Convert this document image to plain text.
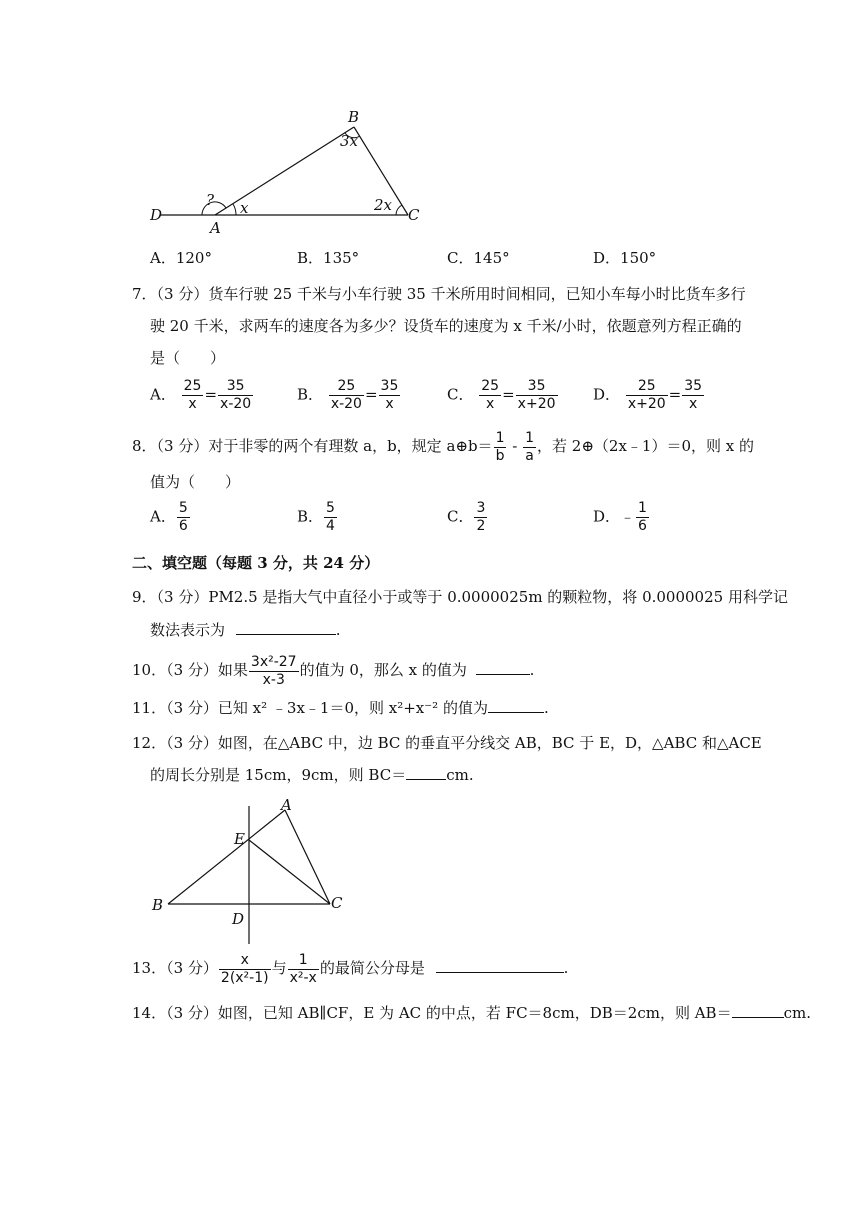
B
3x
? x	2x
D
A
C
A．120°	B．135°	C．145°	D．150°
7．（3 分）货车行驶 25 千米与小车行驶 35 千米所用时间相同，已知小车每小时比货车多行
驶 20 千米，求两车的速度各为多少？设货车的速度为 x 千米/小时，依题意列方程正确的
是（　　）
A． $\frac{25}{x} = \frac{35}{x-20}$	B． $\frac{25}{x-20} = \frac{35}{x}$	C． $\frac{25}{x} = \frac{35}{x+20}$ D． $\frac{25}{x+20} = \frac{35}{x}$
8．（3 分）对于非零的两个有理数 a，b，规定 a⊕b＝ $\frac{1}{b} - \frac{1}{a}$ ，若 2⊕（2x﹣1）＝0，则 x 的
值为（　　）
A． $\frac{5}{6}$	B． $\frac{5}{4}$	C． $\frac{3}{2}$	D．﹣ $\frac{1}{6}$
二、填空题（每题 3 分，共 24 分）
9．（3 分）PM2.5 是指大气中直径小于或等于 0.0000025m 的颗粒物，将 0.0000025 用科学记
数法表示为	.
10．（3 分）如果 $\frac{\text{3x²-27}}{x-3}$ 的值为 0，那么 x 的值为	.
11．（3 分）已知 x² ﹣3x﹣1＝0，则 x²+x⁻² 的值为	.
12．（3 分）如图，在△ABC 中，边 BC 的垂直平分线交 AB，BC 于 E，D，△ABC 和△ACE
的周长分别是 15cm，9cm，则 BC＝	cm.
A
E
B
D
C
13．（3 分） $\frac{x}{\text{2(x²-1)}}$ 与 $\frac{1}{\text{x²-x}}$ 的最简公分母是	.
14．（3 分）如图，已知 AB∥CF，E 为 AC 的中点，若 FC＝8cm，DB＝2cm，则 AB＝	cm.
